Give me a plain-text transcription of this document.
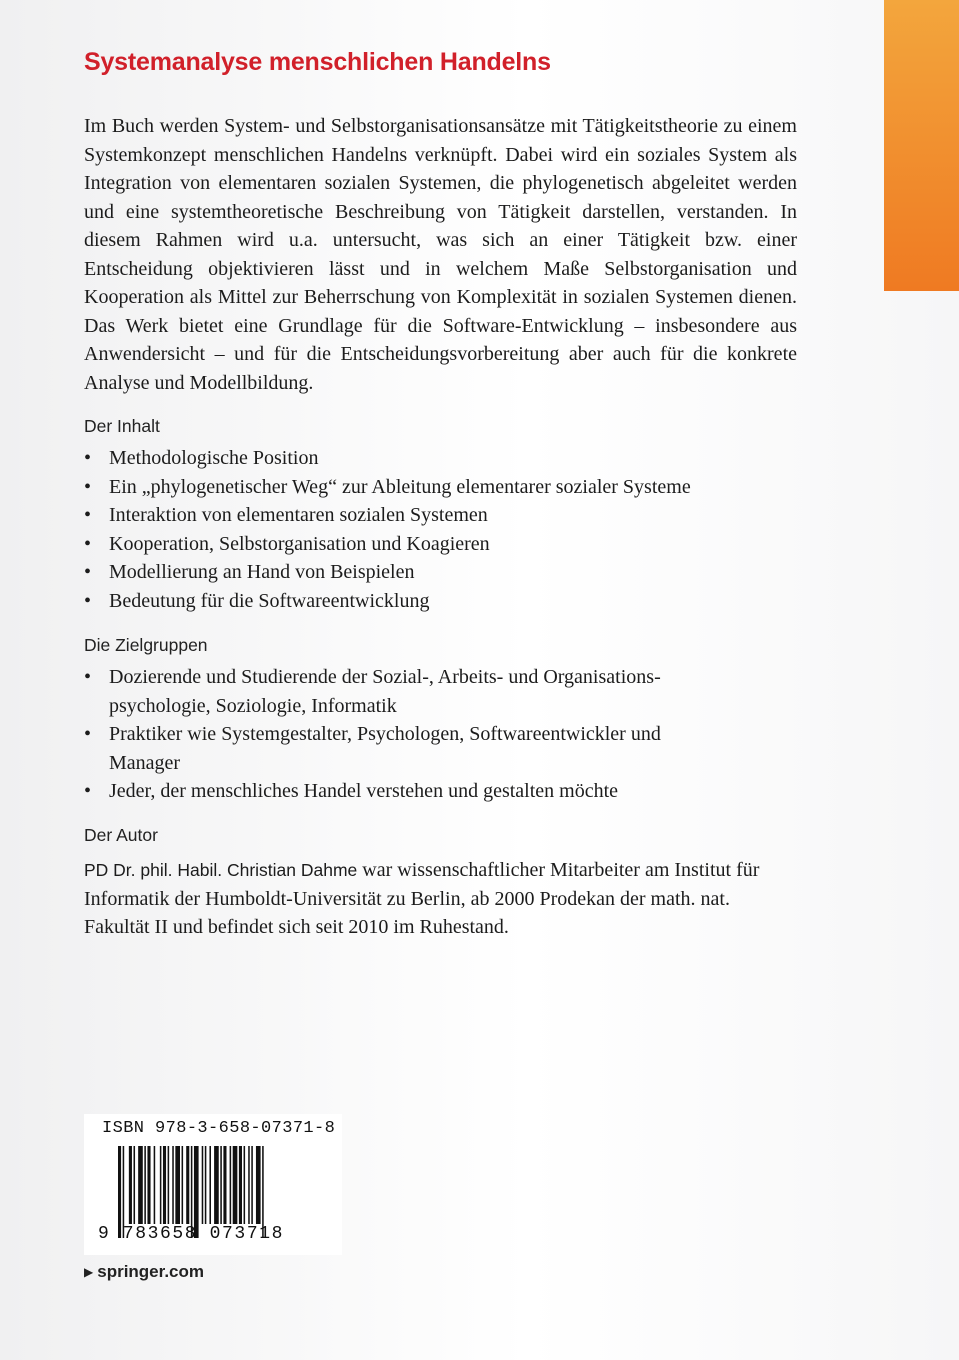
Systemanalyse menschlichen Handelns

Im Buch werden System- und Selbstorganisationsansätze mit Tätigkeitstheorie zu einem Systemkonzept menschlichen Handelns verknüpft. Dabei wird ein soziales System als Integration von elementaren sozialen Systemen, die phylogenetisch abgeleitet werden und eine systemtheoretische Beschreibung von Tätigkeit darstellen, verstanden. In diesem Rahmen wird u.a. untersucht, was sich an einer Tätigkeit bzw. einer Entscheidung objektivieren lässt und in welchem Maße Selbstorganisation und Kooperation als Mittel zur Beherrschung von Komplexität in sozialen Systemen dienen. Das Werk bietet eine Grundlage für die Software-Entwicklung – insbesondere aus Anwendersicht – und für die Entscheidungsvorbereitung aber auch für die konkrete Analyse und Modellbildung.

Der Inhalt
• Methodologische Position
• Ein „phylogenetischer Weg“ zur Ableitung elementarer sozialer Systeme
• Interaktion von elementaren sozialen Systemen
• Kooperation, Selbstorganisation und Koagieren
• Modellierung an Hand von Beispielen
• Bedeutung für die Softwareentwicklung
Die Zielgruppen
• Dozierende und Studierende der Sozial-, Arbeits- und Organisationspsychologie, Soziologie, Informatik
• Praktiker wie Systemgestalter, Psychologen, Softwareentwickler und Manager
• Jeder, der menschliches Handel verstehen und gestalten möchte
Der Autor

PD Dr. phil. Habil. Christian Dahme war wissenschaftlicher Mitarbeiter am Institut für Informatik der Humboldt-Universität zu Berlin, ab 2000 Prodekan der math. nat. Fakultät II und befindet sich seit 2010 im Ruhestand.

ISBN 978-3-658-07371-8
9 783658 073718
▶ springer.com
